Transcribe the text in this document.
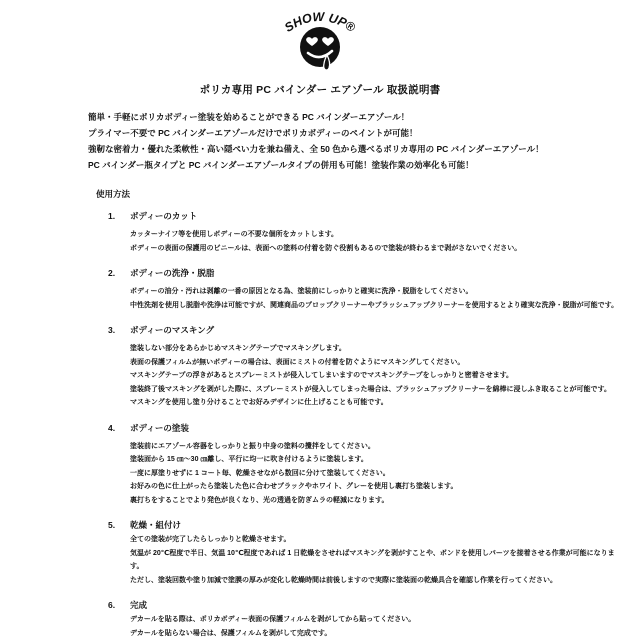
SHOW UP®
ポリカ専用 PC バインダー エアゾール 取扱説明書
簡単・手軽にポリカボディー塗装を始めることができる PC バインダーエアゾール！
プライマー不要で PC バインダーエアゾールだけでポリカボディーのペイントが可能！
強靭な密着力・優れた柔軟性・高い隠ぺい力を兼ね備え、全 50 色から選べるポリカ専用の PC バインダーエアゾール！
PC バインダー瓶タイプと PC バインダーエアゾールタイプの併用も可能！塗装作業の効率化も可能！
使用方法
1. ボディーのカット
カッターナイフ等を使用しボディーの不要な個所をカットします。
ボディーの表面の保護用のビニールは、表面への塗料の付着を防ぐ役割もあるので塗装が終わるまで剥がさないでください。
2. ボディーの洗浄・脱脂
ボディーの油分・汚れは剥離の一番の原因となる為、塗装前にしっかりと確実に洗浄・脱脂をしてください。
中性洗剤を使用し脱脂や洗浄は可能ですが、関連商品のプロップクリーナーやブラッシュアップクリーナーを使用するとより確実な洗浄・脱脂が可能です。
3. ボディーのマスキング
塗装しない部分をあらかじめマスキングテープでマスキングします。
表面の保護フィルムが無いボディーの場合は、表面にミストの付着を防ぐようにマスキングしてください。
マスキングテープの浮きがあるとスプレーミストが侵入してしまいますのでマスキングテープをしっかりと密着させます。
塗装終了後マスキングを剥がした際に、スプレーミストが侵入してしまった場合は、ブラッシュアップクリーナーを綿棒に浸しふき取ることが可能です。
マスキングを使用し塗り分けることでお好みデザインに仕上げることも可能です。
4. ボディーの塗装
塗装前にエアゾール容器をしっかりと振り中身の塗料の攪拌をしてください。
塗装面から 15 ㎝～30 ㎝離し、平行に均一に吹き付けるように塗装します。
一度に厚塗りせずに 1 コート毎、乾燥させながら数回に分けて塗装してください。
お好みの色に仕上がったら塗装した色に合わせブラックやホワイト、グレーを使用し裏打ち塗装します。
裏打ちをすることでより発色が良くなり、光の透過を防ぎムラの軽減になります。
5. 乾燥・組付け
全ての塗装が完了したらしっかりと乾燥させます。
気温が 20℃程度で半日、気温 10℃程度であれば 1 日乾燥をさせればマスキングを剥がすことや、ボンドを使用しパーツを接着させる作業が可能になりま
す。
ただし、塗装回数や塗り加減で塗膜の厚みが変化し乾燥時間は前後しますので実際に塗装面の乾燥具合を確認し作業を行ってください。
6. 完成
デカールを貼る際は、ポリカボディー表面の保護フィルムを剥がしてから貼ってください。
デカールを貼らない場合は、保護フィルムを剥がして完成です。
